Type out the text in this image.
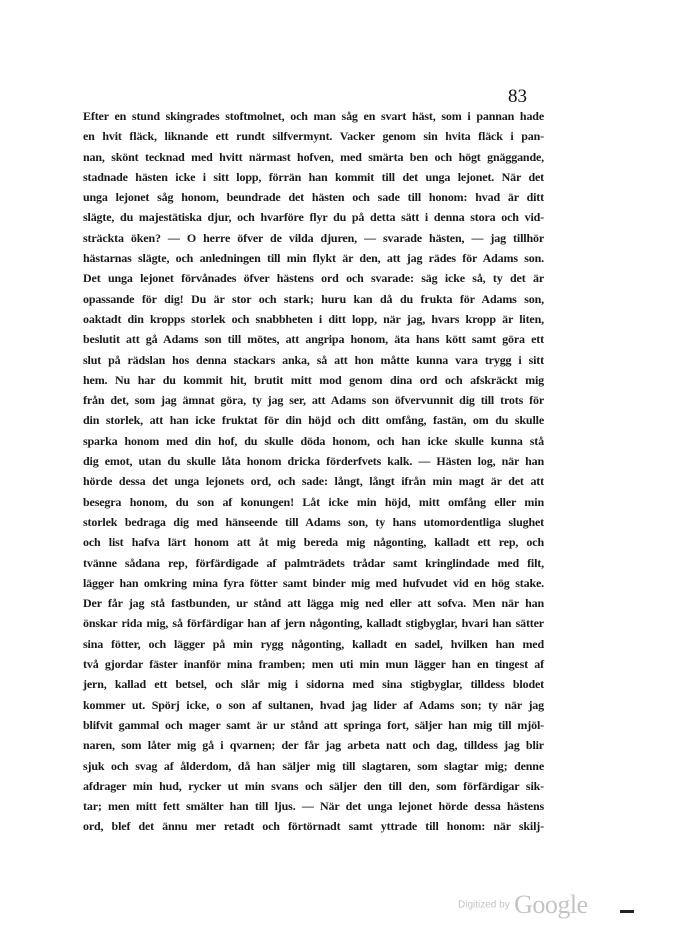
83
Efter en stund skingrades stoftmolnet, och man såg en svart häst, som i pannan hade
en hvit fläck, liknande ett rundt silfvermynt. Vacker genom sin hvita fläck i pan-
nan, skönt tecknad med hvitt närmast hofven, med smärta ben och högt gnäggande,
stadnade hästen icke i sitt lopp, förrän han kommit till det unga lejonet. När det
unga lejonet såg honom, beundrade det hästen och sade till honom: hvad är ditt
slägte, du majestätiska djur, och hvarföre flyr du på detta sätt i denna stora och vid-
sträckta öken? — O herre öfver de vilda djuren, — svarade hästen, — jag tillhör
hästarnas slägte, och anledningen till min flykt är den, att jag rädes för Adams son.
Det unga lejonet förvånades öfver hästens ord och svarade: säg icke så, ty det är
opassande för dig! Du är stor och stark; huru kan då du frukta för Adams son,
oaktadt din kropps storlek och snabbheten i ditt lopp, när jag, hvars kropp är liten,
beslutit att gå Adams son till mötes, att angripa honom, äta hans kött samt göra ett
slut på rädslan hos denna stackars anka, så att hon måtte kunna vara trygg i sitt
hem. Nu har du kommit hit, brutit mitt mod genom dina ord och afskräckt mig
från det, som jag ämnat göra, ty jag ser, att Adams son öfvervunnit dig till trots för
din storlek, att han icke fruktat för din höjd och ditt omfång, fastän, om du skulle
sparka honom med din hof, du skulle döda honom, och han icke skulle kunna stå
dig emot, utan du skulle låta honom dricka förderfvets kalk. — Hästen log, när han
hörde dessa det unga lejonets ord, och sade: långt, långt ifrån min magt är det att
besegra honom, du son af konungen! Låt icke min höjd, mitt omfång eller min
storlek bedraga dig med hänseende till Adams son, ty hans utomordentliga slughet
och list hafva lärt honom att åt mig bereda mig någonting, kalladt ett rep, och
tvänne sådana rep, förfärdigade af palmträdets trådar samt kringlindade med filt,
lägger han omkring mina fyra fötter samt binder mig med hufvudet vid en hög stake.
Der får jag stå fastbunden, ur stånd att lägga mig ned eller att sofva. Men när han
önskar rida mig, så förfärdigar han af jern någonting, kalladt stigbyglar, hvari han sätter
sina fötter, och lägger på min rygg någonting, kalladt en sadel, hvilken han med
två gjordar fäster inanför mina framben; men uti min mun lägger han en tingest af
jern, kallad ett betsel, och slår mig i sidorna med sina stigbyglar, tilldess blodet
kommer ut. Spörj icke, o son af sultanen, hvad jag lider af Adams son; ty när jag
blifvit gammal och mager samt är ur stånd att springa fort, säljer han mig till mjöl-
naren, som låter mig gå i qvarnen; der får jag arbeta natt och dag, tilldess jag blir
sjuk och svag af ålderdom, då han säljer mig till slagtaren, som slagtar mig; denne
afdrager min hud, rycker ut min svans och säljer den till den, som förfärdigar sik-
tar; men mitt fett smälter han till ljus. — När det unga lejonet hörde dessa hästens
ord, blef det ännu mer retadt och förtörnadt samt yttrade till honom: när skilj-
Digitized by Google
